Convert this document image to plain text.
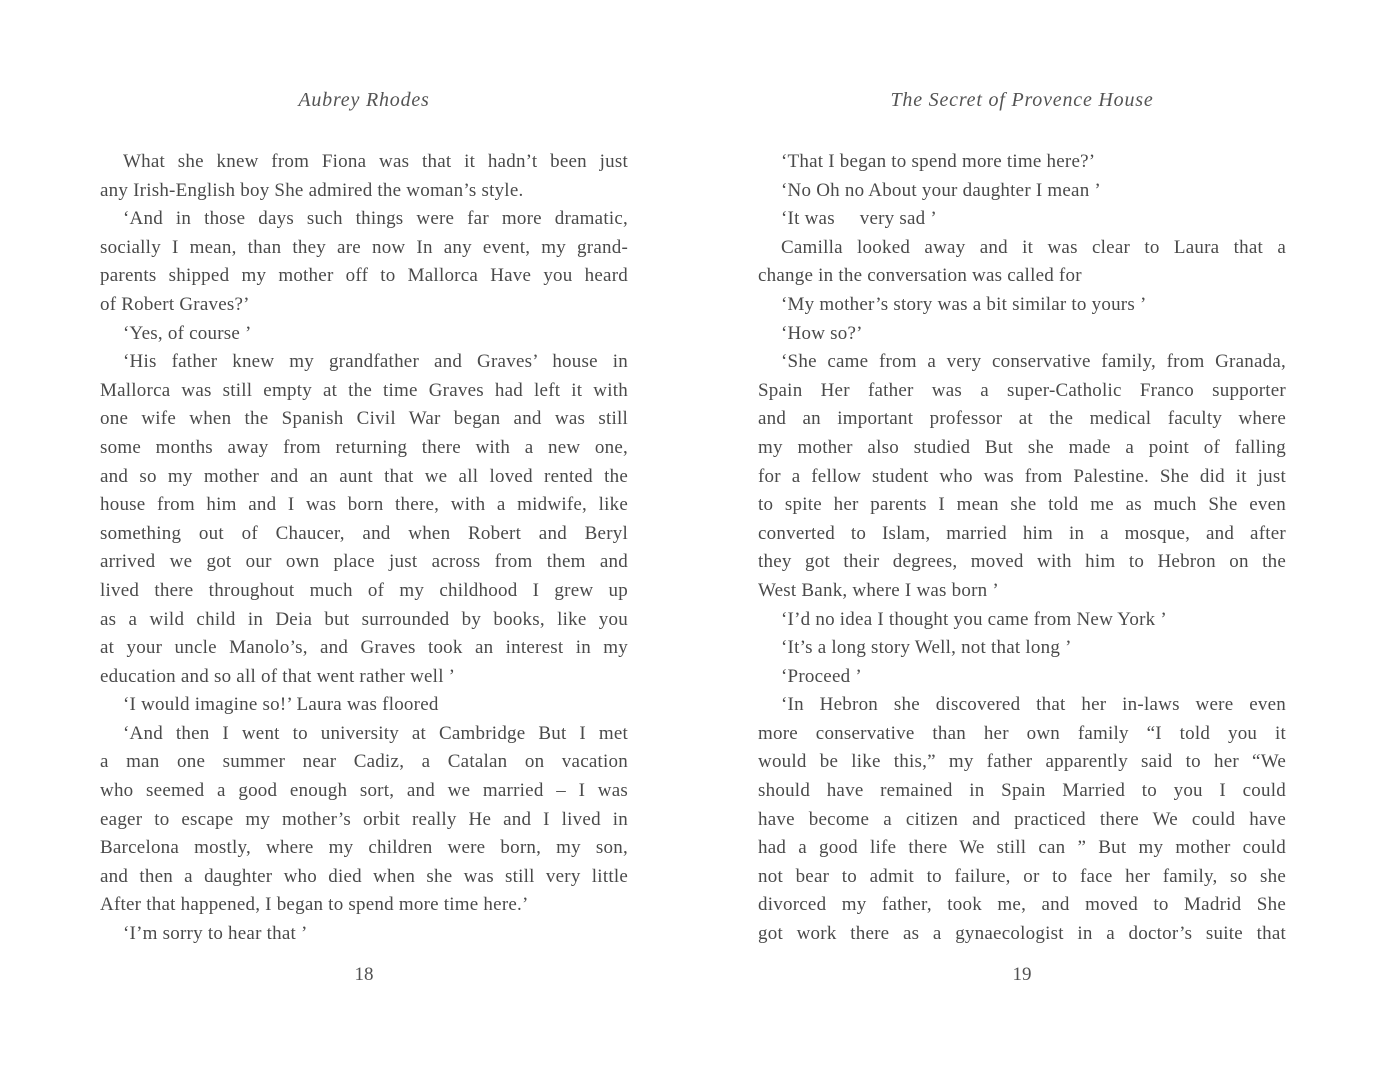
Aubrey Rhodes
What she knew from Fiona was that it hadn’t been just
any Irish-English boy She admired the woman’s style.
‘And in those days such things were far more dramatic,
socially I mean, than they are now In any event, my grand-
parents shipped my mother off to Mallorca Have you heard
of Robert Graves?’
‘Yes, of course ’
‘His father knew my grandfather and Graves’ house in
Mallorca was still empty at the time Graves had left it with
one wife when the Spanish Civil War began and was still
some months away from returning there with a new one,
and so my mother and an aunt that we all loved rented the
house from him and I was born there, with a midwife, like
something out of Chaucer, and when Robert and Beryl
arrived we got our own place just across from them and
lived there throughout much of my childhood I grew up
as a wild child in Deia but surrounded by books, like you
at your uncle Manolo’s, and Graves took an interest in my
education and so all of that went rather well ’
‘I would imagine so!’ Laura was floored
‘And then I went to university at Cambridge But I met
a man one summer near Cadiz, a Catalan on vacation
who seemed a good enough sort, and we married – I was
eager to escape my mother’s orbit really He and I lived in
Barcelona mostly, where my children were born, my son,
and then a daughter who died when she was still very little
After that happened, I began to spend more time here.’
‘I’m sorry to hear that ’
18
The Secret of Provence House
‘That I began to spend more time here?’
‘No Oh no About your daughter I mean ’
‘It was     very sad ’
Camilla looked away and it was clear to Laura that a
change in the conversation was called for
‘My mother’s story was a bit similar to yours ’
‘How so?’
‘She came from a very conservative family, from Granada,
Spain Her father was a super-Catholic Franco supporter
and an important professor at the medical faculty where
my mother also studied But she made a point of falling
for a fellow student who was from Palestine. She did it just
to spite her parents I mean she told me as much She even
converted to Islam, married him in a mosque, and after
they got their degrees, moved with him to Hebron on the
West Bank, where I was born ’
‘I’d no idea I thought you came from New York ’
‘It’s a long story Well, not that long ’
‘Proceed ’
‘In Hebron she discovered that her in-laws were even
more conservative than her own family “I told you it
would be like this,” my father apparently said to her “We
should have remained in Spain Married to you I could
have become a citizen and practiced there We could have
had a good life there We still can ” But my mother could
not bear to admit to failure, or to face her family, so she
divorced my father, took me, and moved to Madrid She
got work there as a gynaecologist in a doctor’s suite that
19
